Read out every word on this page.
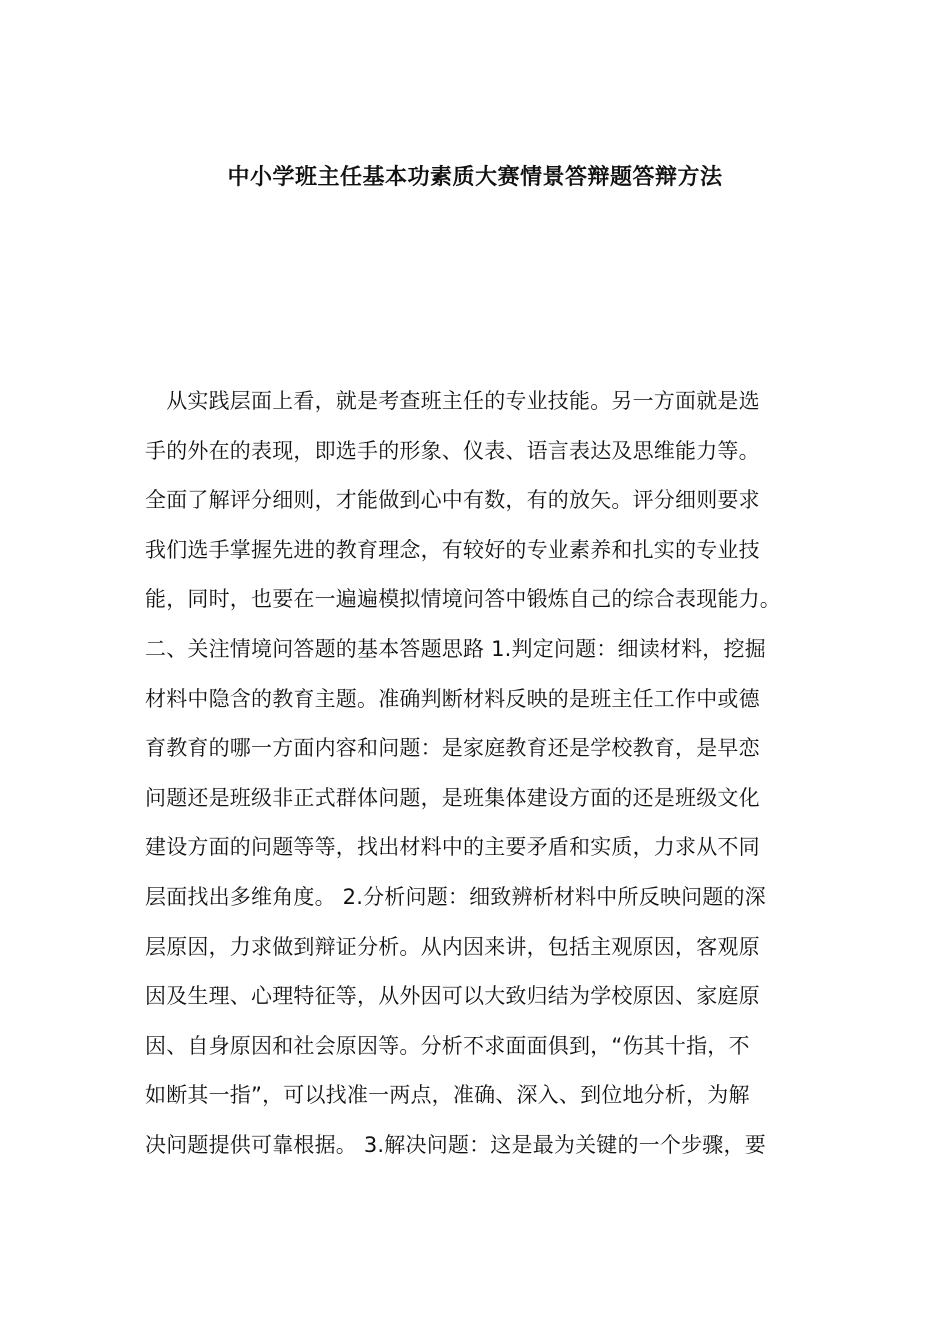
中小学班主任基本功素质大赛情景答辩题答辩方法
　从实践层面上看，就是考查班主任的专业技能。另一方面就是选
手的外在的表现，即选手的形象、仪表、语言表达及思维能力等。
全面了解评分细则，才能做到心中有数，有的放矢。评分细则要求
我们选手掌握先进的教育理念，有较好的专业素养和扎实的专业技
能，同时，也要在一遍遍模拟情境问答中锻炼自己的综合表现能力。
二、关注情境问答题的基本答题思路 1.判定问题：细读材料，挖掘
材料中隐含的教育主题。准确判断材料反映的是班主任工作中或德
育教育的哪一方面内容和问题：是家庭教育还是学校教育，是早恋
问题还是班级非正式群体问题，是班集体建设方面的还是班级文化
建设方面的问题等等，找出材料中的主要矛盾和实质，力求从不同
层面找出多维角度。 2.分析问题：细致辨析材料中所反映问题的深
层原因，力求做到辩证分析。从内因来讲，包括主观原因，客观原
因及生理、心理特征等，从外因可以大致归结为学校原因、家庭原
因、自身原因和社会原因等。分析不求面面俱到，“伤其十指，不
如断其一指”，可以找准一两点，准确、深入、到位地分析，为解
决问题提供可靠根据。 3.解决问题：这是最为关键的一个步骤，要
